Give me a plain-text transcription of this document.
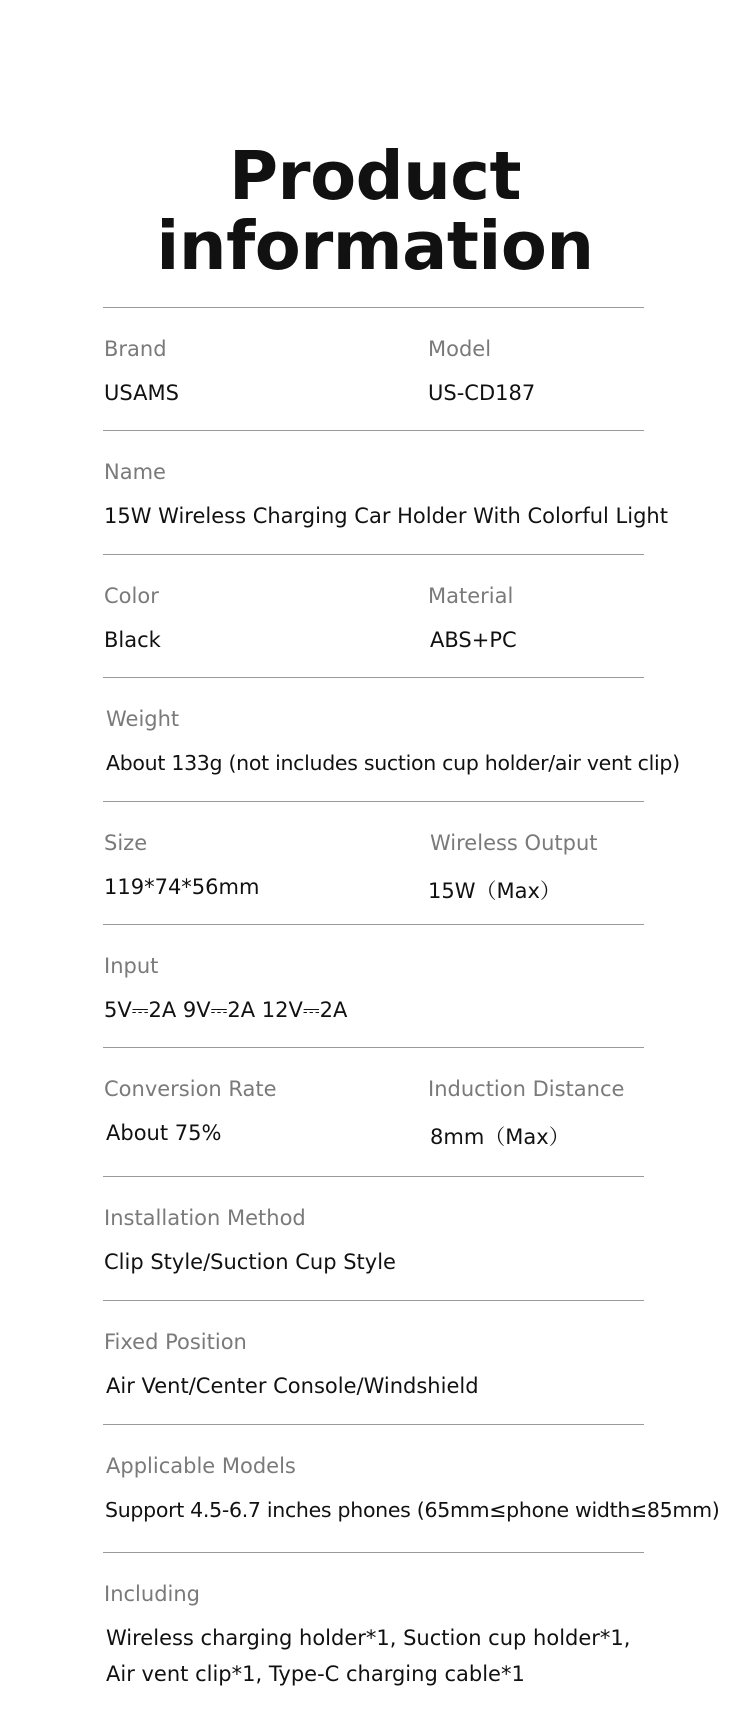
Product
information
Brand
USAMS
Model
US-CD187
Name
15W Wireless Charging Car Holder With Colorful Light
Color
Black
Material
ABS+PC
Weight
About 133g (not includes suction cup holder/air vent clip)
Size
119*74*56mm
Wireless Output
15W（Max）
Input
5V⎓2A 9V⎓2A 12V⎓2A
Conversion Rate
About 75%
Induction Distance
8mm（Max）
Installation Method
Clip Style/Suction Cup Style
Fixed Position
Air Vent/Center Console/Windshield
Applicable Models
Support 4.5-6.7 inches phones (65mm≤phone width≤85mm)
Including
Wireless charging holder*1, Suction cup holder*1,
Air vent clip*1, Type-C charging cable*1
